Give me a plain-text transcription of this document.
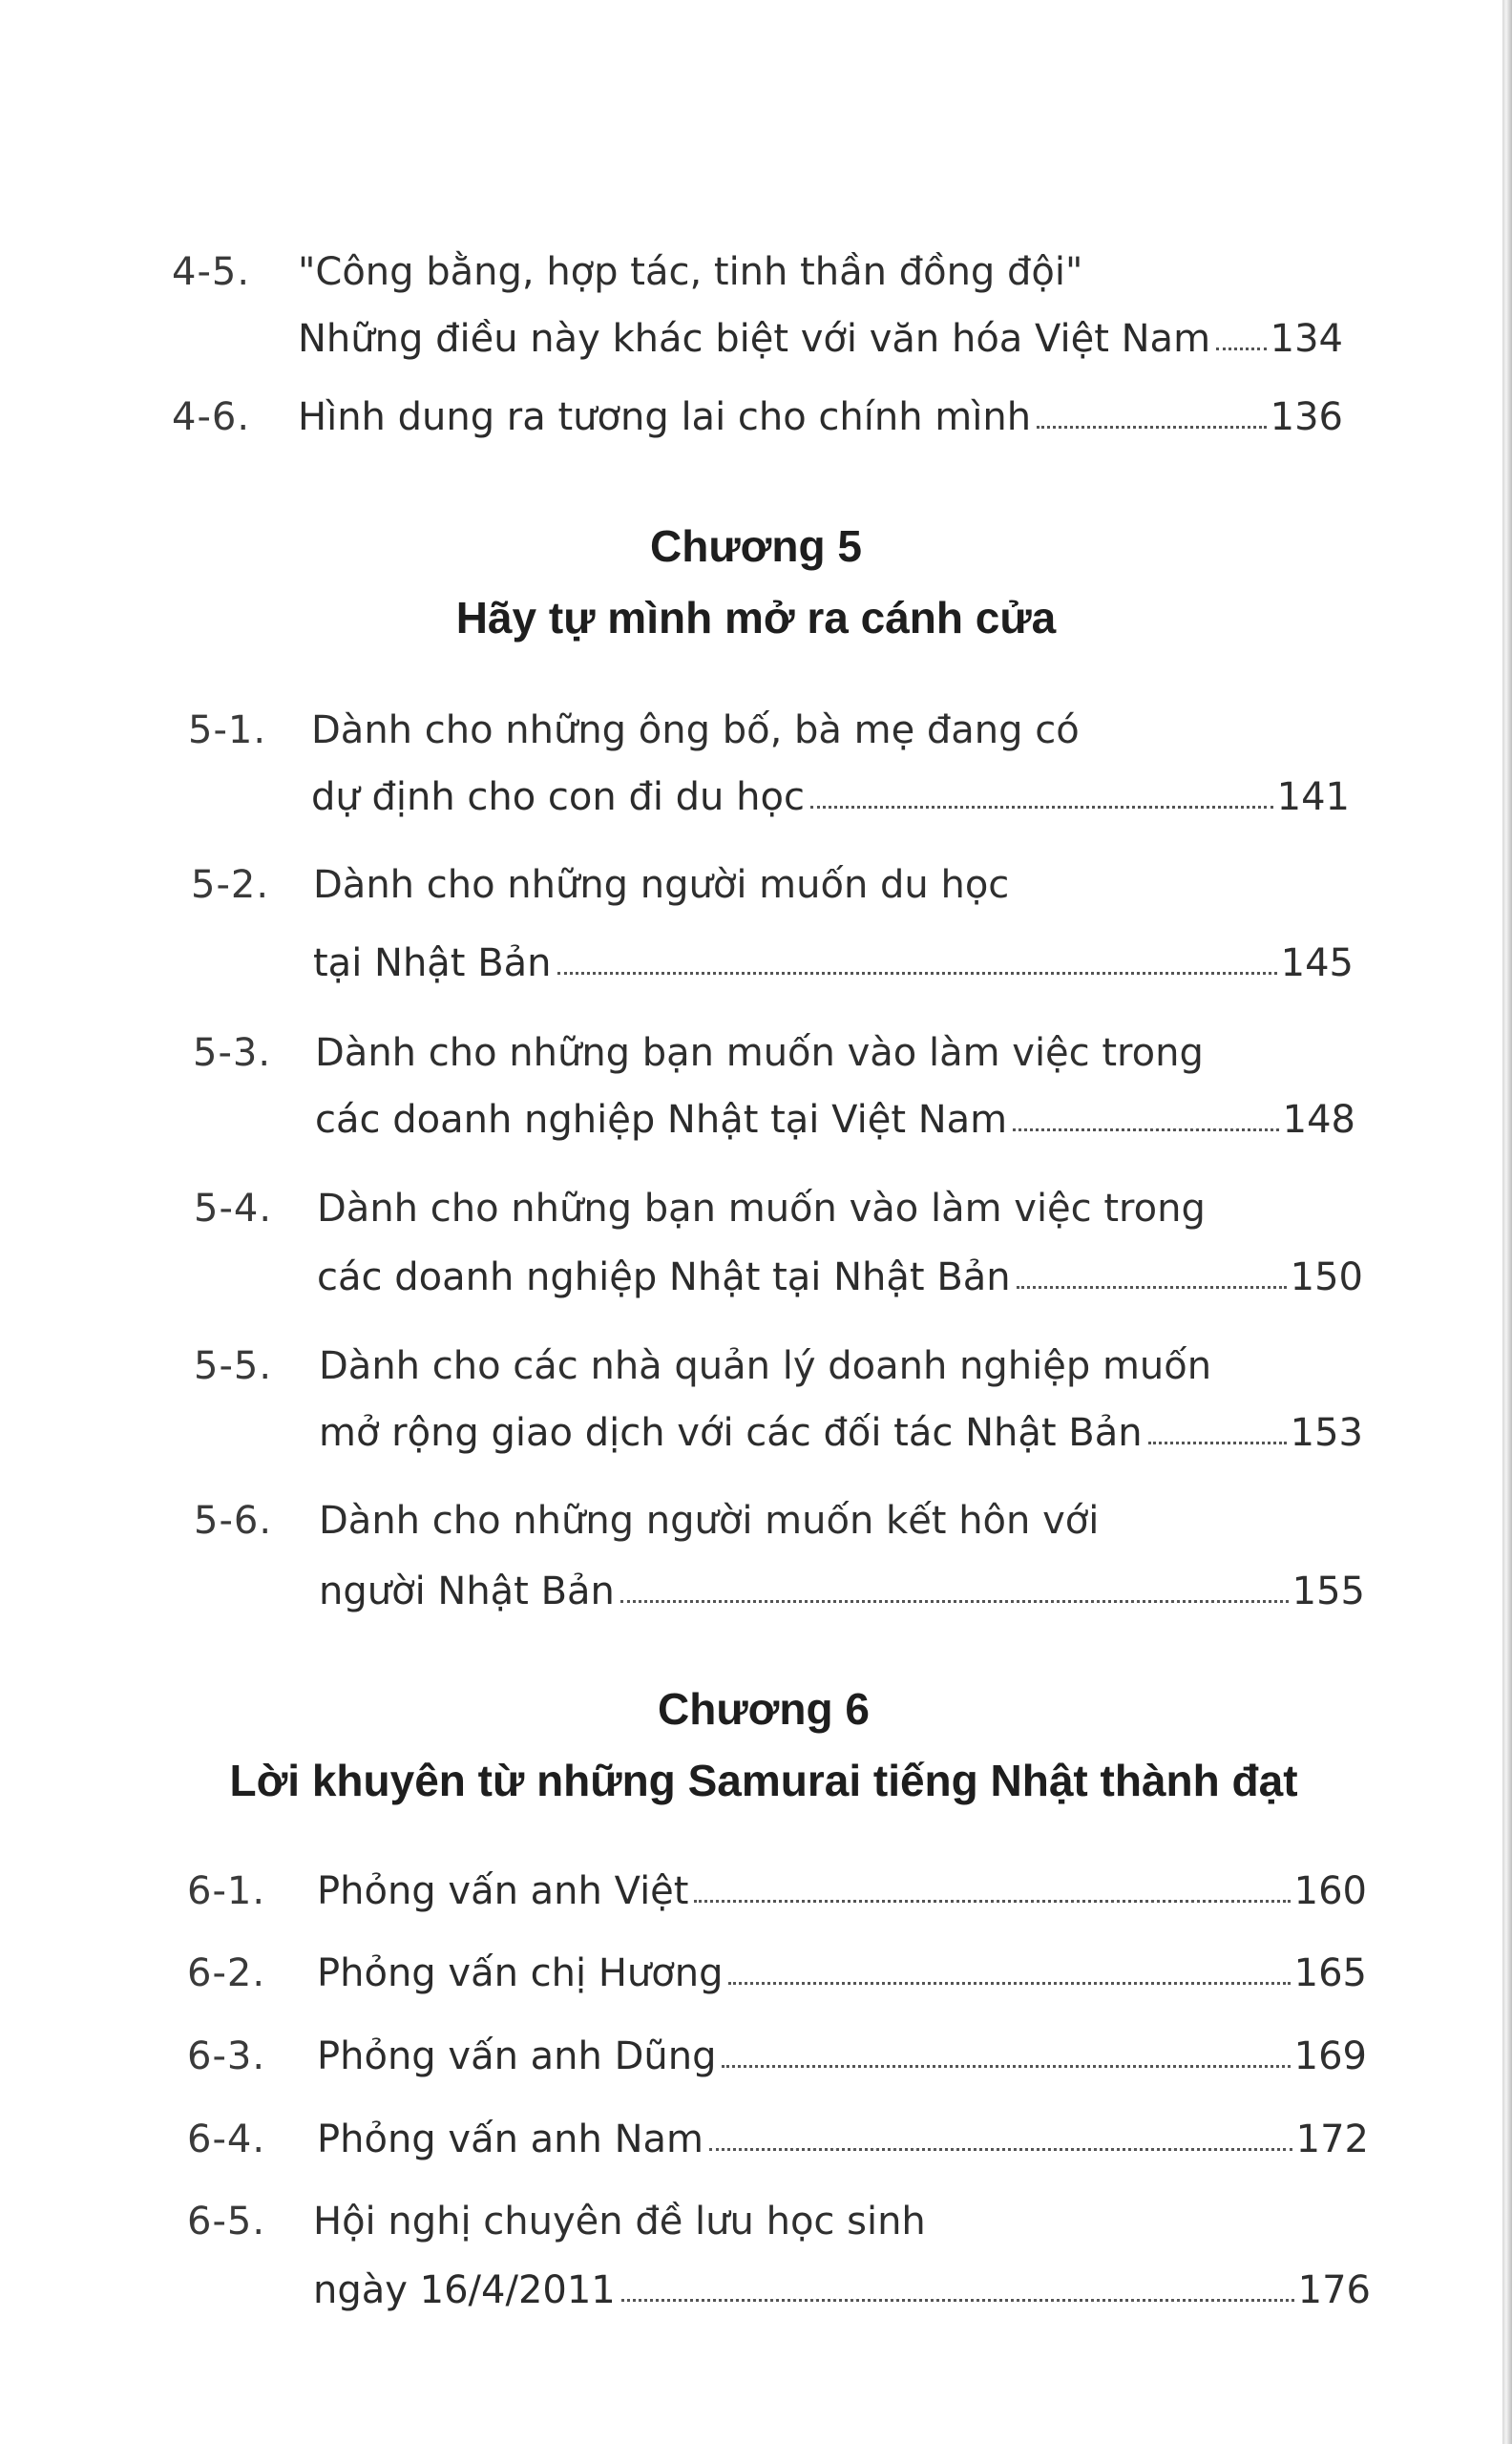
4-5. "Công bằng, hợp tác, tinh thần đồng đội"
Những điều này khác biệt với văn hóa Việt Nam 134
4-6. Hình dung ra tương lai cho chính mình	136
Chương 5
Hãy tự mình mở ra cánh cửa
5-1. Dành cho những ông bố, bà mẹ đang có
dự định cho con đi du học	141
5-2. Dành cho những người muốn du học
tại Nhật Bản	145
5-3. Dành cho những bạn muốn vào làm việc trong
các doanh nghiệp Nhật tại Việt Nam	148
5-4. Dành cho những bạn muốn vào làm việc trong
các doanh nghiệp Nhật tại Nhật Bản	150
5-5. Dành cho các nhà quản lý doanh nghiệp muốn
mở rộng giao dịch với các đối tác Nhật Bản	153
5-6. Dành cho những người muốn kết hôn với
người Nhật Bản	155
Chương 6
Lời khuyên từ những Samurai tiếng Nhật thành đạt
6-1. Phỏng vấn anh Việt	160
6-2. Phỏng vấn chị Hương	165
6-3. Phỏng vấn anh Dũng	169
6-4. Phỏng vấn anh Nam	172
6-5. Hội nghị chuyên đề lưu học sinh
ngày 16/4/2011	176
